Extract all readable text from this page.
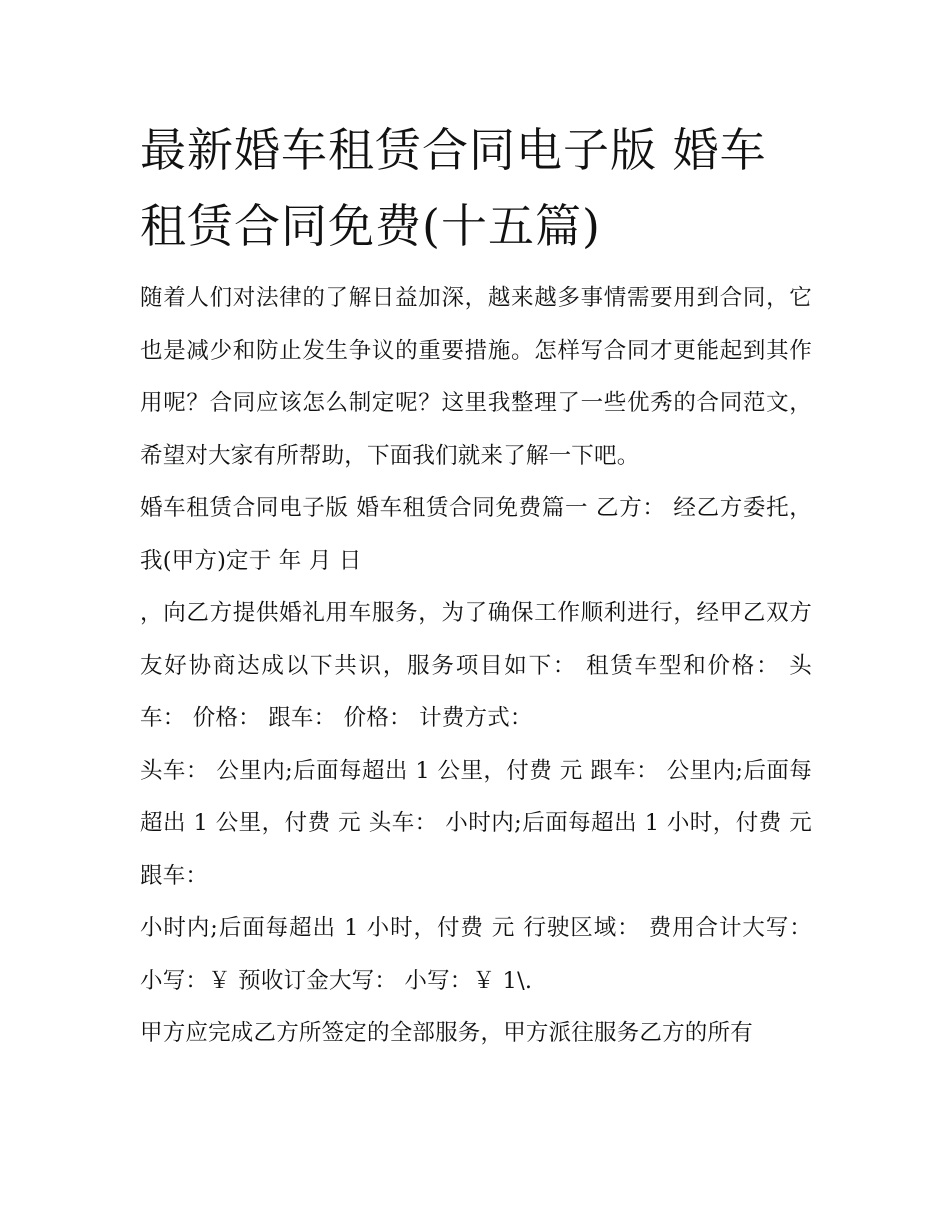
最新婚车租赁合同电子版 婚车租赁合同免费(十五篇)

随着人们对法律的了解日益加深，越来越多事情需要用到合同，它也是减少和防止发生争议的重要措施。怎样写合同才更能起到其作用呢？合同应该怎么制定呢？这里我整理了一些优秀的合同范文，希望对大家有所帮助，下面我们就来了解一下吧。

婚车租赁合同电子版 婚车租赁合同免费篇一 乙方： 经乙方委托，我(甲方)定于 年 月 日

，向乙方提供婚礼用车服务，为了确保工作顺利进行，经甲乙双方友好协商达成以下共识，服务项目如下： 租赁车型和价格： 头车： 价格： 跟车： 价格： 计费方式：

头车： 公里内;后面每超出 1 公里，付费 元 跟车： 公里内;后面每超出 1 公里，付费 元 头车： 小时内;后面每超出 1 小时，付费 元 跟车：

小时内;后面每超出 1 小时，付费 元 行驶区域： 费用合计大写： 小写：￥ 预收订金大写： 小写：￥ 1\.

甲方应完成乙方所签定的全部服务，甲方派往服务乙方的所有
